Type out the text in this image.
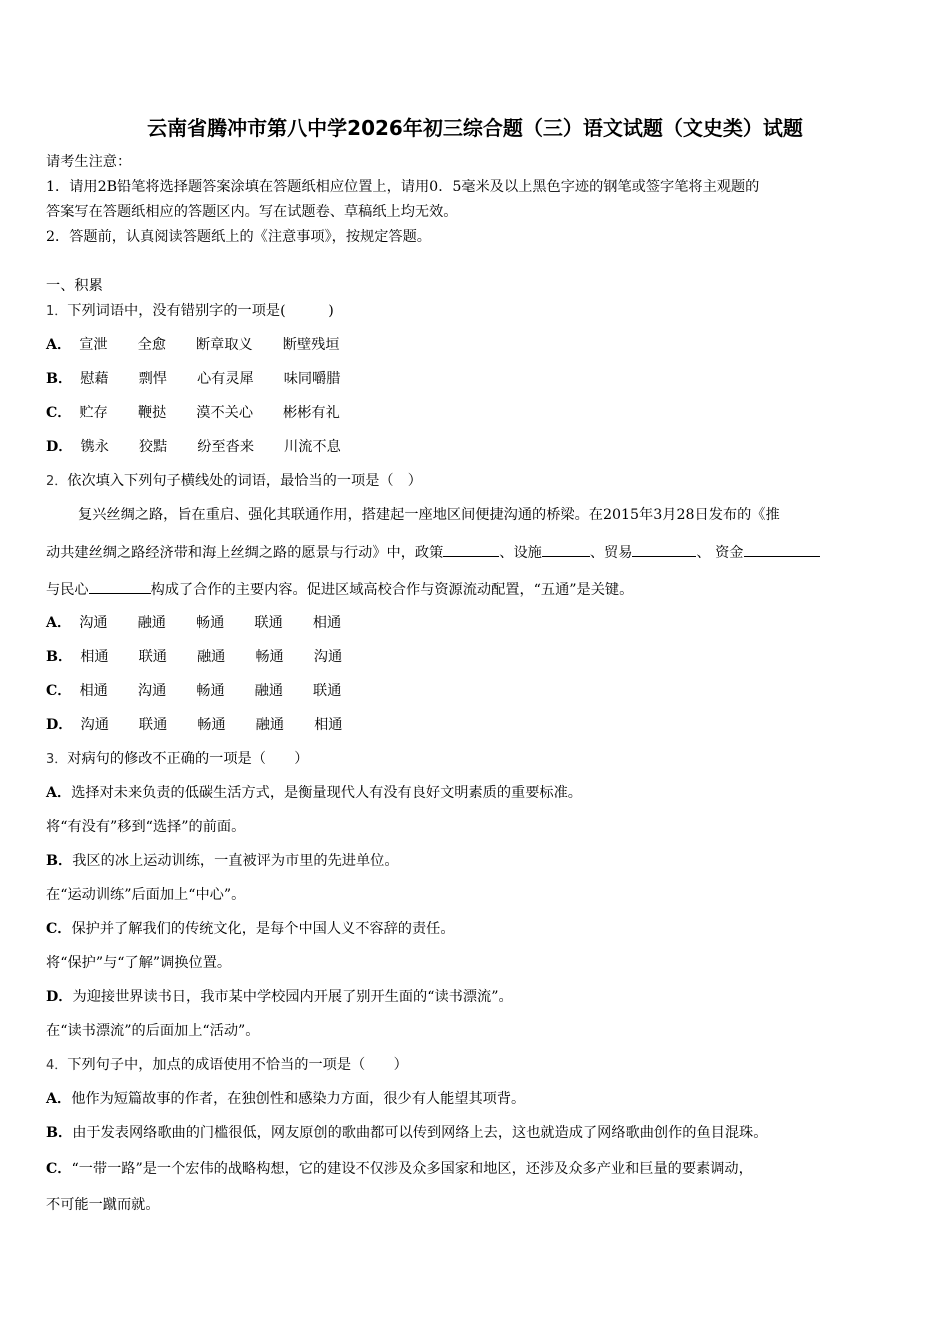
云南省腾冲市第八中学2026年初三综合题（三）语文试题（文史类）试题
请考生注意：
1．请用2B铅笔将选择题答案涂填在答题纸相应位置上，请用0．5毫米及以上黑色字迹的钢笔或签字笔将主观题的
答案写在答题纸相应的答题区内。写在试题卷、草稿纸上均无效。
2．答题前，认真阅读答题纸上的《注意事项》，按规定答题。
一、积累
1．下列词语中，没有错别字的一项是(　　　)
A． 宣泄 全愈 断章取义 断壁残垣
B． 慰藉 剽悍 心有灵犀 味同嚼腊
C． 贮存 鞭挞 漠不关心 彬彬有礼
D． 镌永 狡黠 纷至沓来 川流不息
2．依次填入下列句子横线处的词语，最恰当的一项是（　）
复兴丝绸之路，旨在重启、强化其联通作用，搭建起一座地区间便捷沟通的桥梁。在2015年3月28日发布的《推
动共建丝绸之路经济带和海上丝绸之路的愿景与行动》中，政策	、设施	、贸易	、 资金
与民心	构成了合作的主要内容。促进区域高校合作与资源流动配置，“五通”是关键。
A． 沟通 融通 畅通 联通 相通
B． 相通 联通 融通 畅通 沟通
C． 相通 沟通 畅通 融通 联通
D． 沟通 联通 畅通 融通 相通
3．对病句的修改不正确的一项是（　　）
A．选择对未来负责的低碳生活方式，是衡量现代人有没有良好文明素质的重要标准。
将“有没有”移到“选择”的前面。
B．我区的冰上运动训练，一直被评为市里的先进单位。
在“运动训练”后面加上“中心”。
C．保护并了解我们的传统文化，是每个中国人义不容辞的责任。
将“保护”与“了解”调换位置。
D．为迎接世界读书日，我市某中学校园内开展了别开生面的“读书漂流”。
在“读书漂流”的后面加上“活动”。
4．下列句子中，加点的成语使用不恰当的一项是（　　）
A．他作为短篇故事的作者，在独创性和感染力方面，很少有人能望其项背。
B．由于发表网络歌曲的门槛很低，网友原创的歌曲都可以传到网络上去，这也就造成了网络歌曲创作的鱼目混珠。
C．“一带一路”是一个宏伟的战略构想，它的建设不仅涉及众多国家和地区，还涉及众多产业和巨量的要素调动，
不可能一蹴而就。
